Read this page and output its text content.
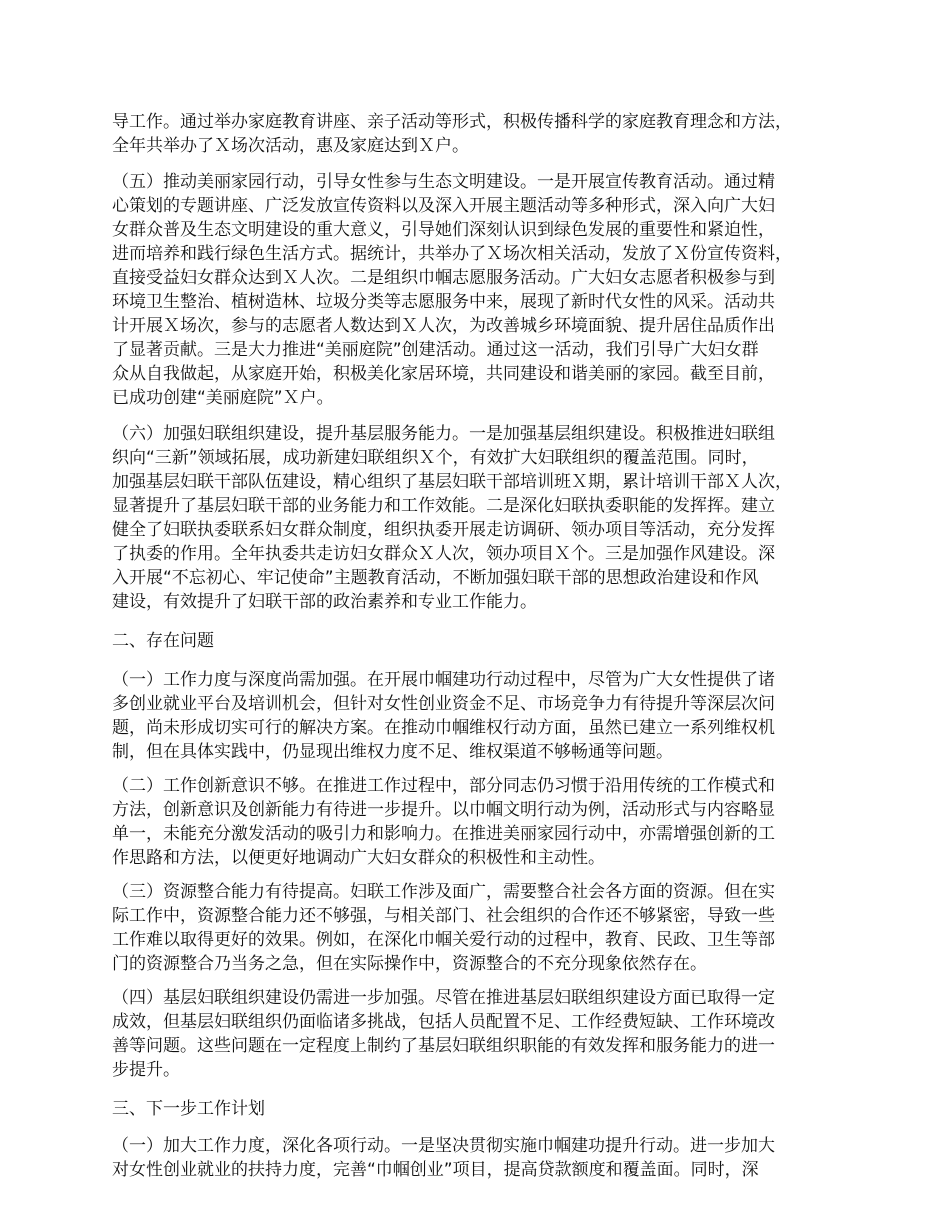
导工作。通过举办家庭教育讲座、亲子活动等形式，积极传播科学的家庭教育理念和方法，
全年共举办了Ｘ场次活动，惠及家庭达到Ｘ户。
（五）推动美丽家园行动，引导女性参与生态文明建设。一是开展宣传教育活动。通过精
心策划的专题讲座、广泛发放宣传资料以及深入开展主题活动等多种形式，深入向广大妇
女群众普及生态文明建设的重大意义，引导她们深刻认识到绿色发展的重要性和紧迫性，
进而培养和践行绿色生活方式。据统计，共举办了Ｘ场次相关活动，发放了Ｘ份宣传资料，
直接受益妇女群众达到Ｘ人次。二是组织巾帼志愿服务活动。广大妇女志愿者积极参与到
环境卫生整治、植树造林、垃圾分类等志愿服务中来，展现了新时代女性的风采。活动共
计开展Ｘ场次，参与的志愿者人数达到Ｘ人次，为改善城乡环境面貌、提升居住品质作出
了显著贡献。三是大力推进“美丽庭院”创建活动。通过这一活动，我们引导广大妇女群
众从自我做起，从家庭开始，积极美化家居环境，共同建设和谐美丽的家园。截至目前，
已成功创建“美丽庭院”Ｘ户。
（六）加强妇联组织建设，提升基层服务能力。一是加强基层组织建设。积极推进妇联组
织向“三新”领域拓展，成功新建妇联组织Ｘ个，有效扩大妇联组织的覆盖范围。同时，
加强基层妇联干部队伍建设，精心组织了基层妇联干部培训班Ｘ期，累计培训干部Ｘ人次，
显著提升了基层妇联干部的业务能力和工作效能。二是深化妇联执委职能的发挥挥。建立
健全了妇联执委联系妇女群众制度，组织执委开展走访调研、领办项目等活动，充分发挥
了执委的作用。全年执委共走访妇女群众Ｘ人次，领办项目Ｘ个。三是加强作风建设。深
入开展“不忘初心、牢记使命”主题教育活动，不断加强妇联干部的思想政治建设和作风
建设，有效提升了妇联干部的政治素养和专业工作能力。
二、存在问题
（一）工作力度与深度尚需加强。在开展巾帼建功行动过程中，尽管为广大女性提供了诸
多创业就业平台及培训机会，但针对女性创业资金不足、市场竞争力有待提升等深层次问
题，尚未形成切实可行的解决方案。在推动巾帼维权行动方面，虽然已建立一系列维权机
制，但在具体实践中，仍显现出维权力度不足、维权渠道不够畅通等问题。
（二）工作创新意识不够。在推进工作过程中，部分同志仍习惯于沿用传统的工作模式和
方法，创新意识及创新能力有待进一步提升。以巾帼文明行动为例，活动形式与内容略显
单一，未能充分激发活动的吸引力和影响力。在推进美丽家园行动中，亦需增强创新的工
作思路和方法，以便更好地调动广大妇女群众的积极性和主动性。
（三）资源整合能力有待提高。妇联工作涉及面广，需要整合社会各方面的资源。但在实
际工作中，资源整合能力还不够强，与相关部门、社会组织的合作还不够紧密，导致一些
工作难以取得更好的效果。例如，在深化巾帼关爱行动的过程中，教育、民政、卫生等部
门的资源整合乃当务之急，但在实际操作中，资源整合的不充分现象依然存在。
（四）基层妇联组织建设仍需进一步加强。尽管在推进基层妇联组织建设方面已取得一定
成效，但基层妇联组织仍面临诸多挑战，包括人员配置不足、工作经费短缺、工作环境改
善等问题。这些问题在一定程度上制约了基层妇联组织职能的有效发挥和服务能力的进一
步提升。
三、下一步工作计划
（一）加大工作力度，深化各项行动。一是坚决贯彻实施巾帼建功提升行动。进一步加大
对女性创业就业的扶持力度，完善“巾帼创业”项目，提高贷款额度和覆盖面。同时，深
